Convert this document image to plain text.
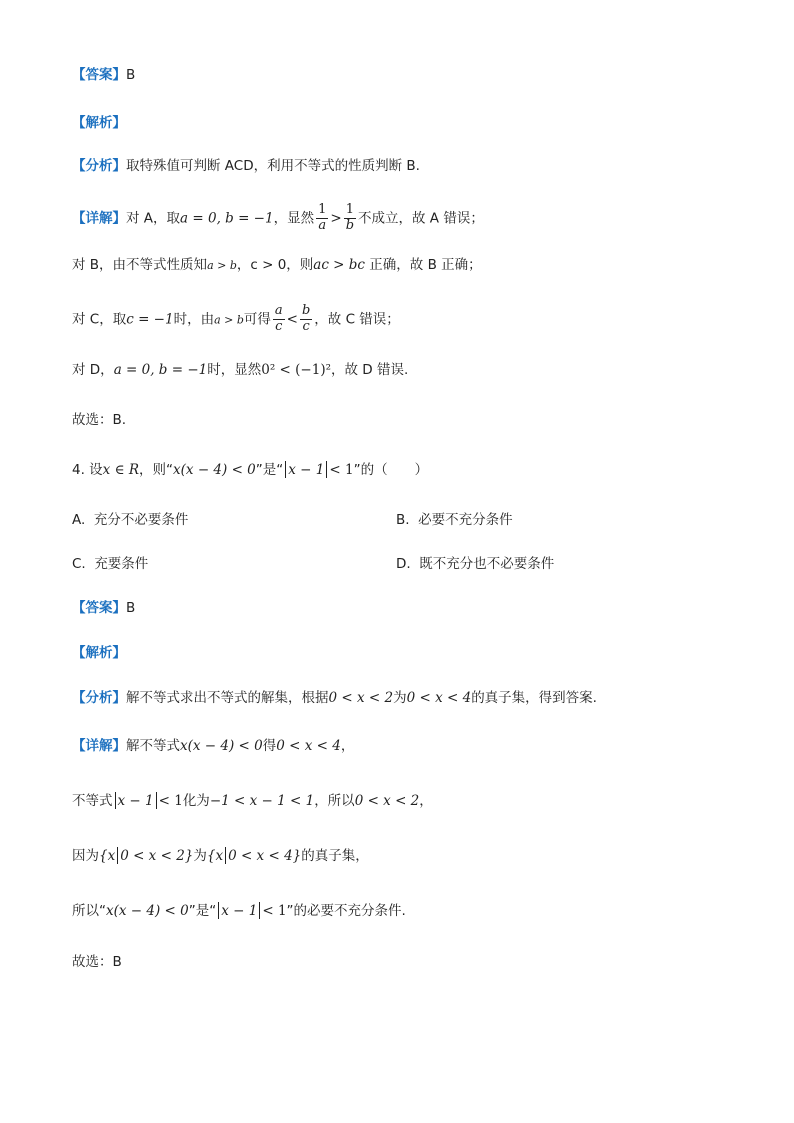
【答案】B
【解析】
【分析】取特殊值可判断 ACD，利用不等式的性质判断 B.
【详解】对 A，取a = 0, b = −1，显然 $\frac{1}{a} > \frac{1}{b}$ 不成立，故 A 错误；
对 B，由不等式性质知a > b，c > 0，则ac > bc 正确，故 B 正确；
对 C，取c = −1时，由a > b可得 $\frac{a}{c} < \frac{b}{c}$ ，故 C 错误；
对 D，a = 0, b = −1时，显然0² < (−1)²，故 D 错误.
故选：B.
4. 设x ∈ R，则“x(x − 4) < 0”是“ x − 1 < 1”的（　　）
A. 充分不必要条件	B. 必要不充分条件
C. 充要条件	D. 既不充分也不必要条件
【答案】B
【解析】
【分析】解不等式求出不等式的解集，根据0 < x < 2为0 < x < 4的真子集，得到答案.
【详解】解不等式x(x − 4) < 0得0 < x < 4，
不等式 x − 1 < 1化为−1 < x − 1 < 1，所以0 < x < 2，
因为{x 0 < x < 2}为{x 0 < x < 4}的真子集，
所以“x(x − 4) < 0”是“ x − 1 < 1”的必要不充分条件.
故选：B
